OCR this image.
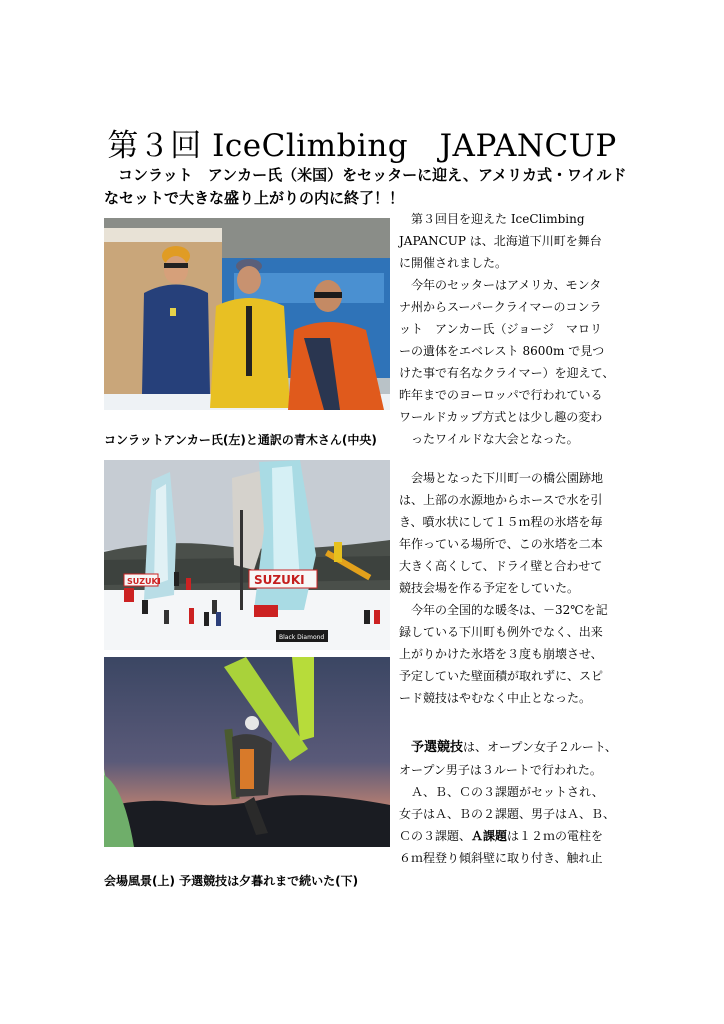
第３回 IceClimbing　JAPANCUP
コンラット　アンカー氏（米国）をセッターに迎え、アメリカ式・ワイルド
なセットで大きな盛り上がりの内に終了！！
コンラットアンカー氏(左)と通訳の青木さん(中央)
SUZUKI	SUZUKI
Black Diamond
会場風景(上) 予選競技は夕暮れまで続いた(下)
第３回目を迎えた IceClimbing
JAPANCUP は、北海道下川町を舞台
に開催されました。
今年のセッターはアメリカ、モンタ
ナ州からスーパークライマーのコンラ
ット　アンカー氏（ジョージ　マロリ
ーの遺体をエベレスト 8600m で見つ
けた事で有名なクライマー）を迎えて、
昨年までのヨーロッパで行われている
ワールドカップ方式とは少し趣の変わ
ったワイルドな大会となった。
会場となった下川町一の橋公園跡地
は、上部の水源地からホースで水を引
き、噴水状にして１５ｍ程の氷塔を毎
年作っている場所で、この氷塔を二本
大きく高くして、ドライ壁と合わせて
競技会場を作る予定をしていた。
今年の全国的な暖冬は、－32℃を記
録している下川町も例外でなく、出来
上がりかけた氷塔を３度も崩壊させ、
予定していた壁面積が取れずに、スピ
ード競技はやむなく中止となった。
予選競技は、オープン女子２ルート、
オープン男子は３ルートで行われた。
Ａ、Ｂ、Ｃの３課題がセットされ、
女子はＡ、Ｂの２課題、男子はＡ、Ｂ、
Ｃの３課題、Ａ課題は１２ｍの電柱を
６ｍ程登り傾斜壁に取り付き、触れ止
